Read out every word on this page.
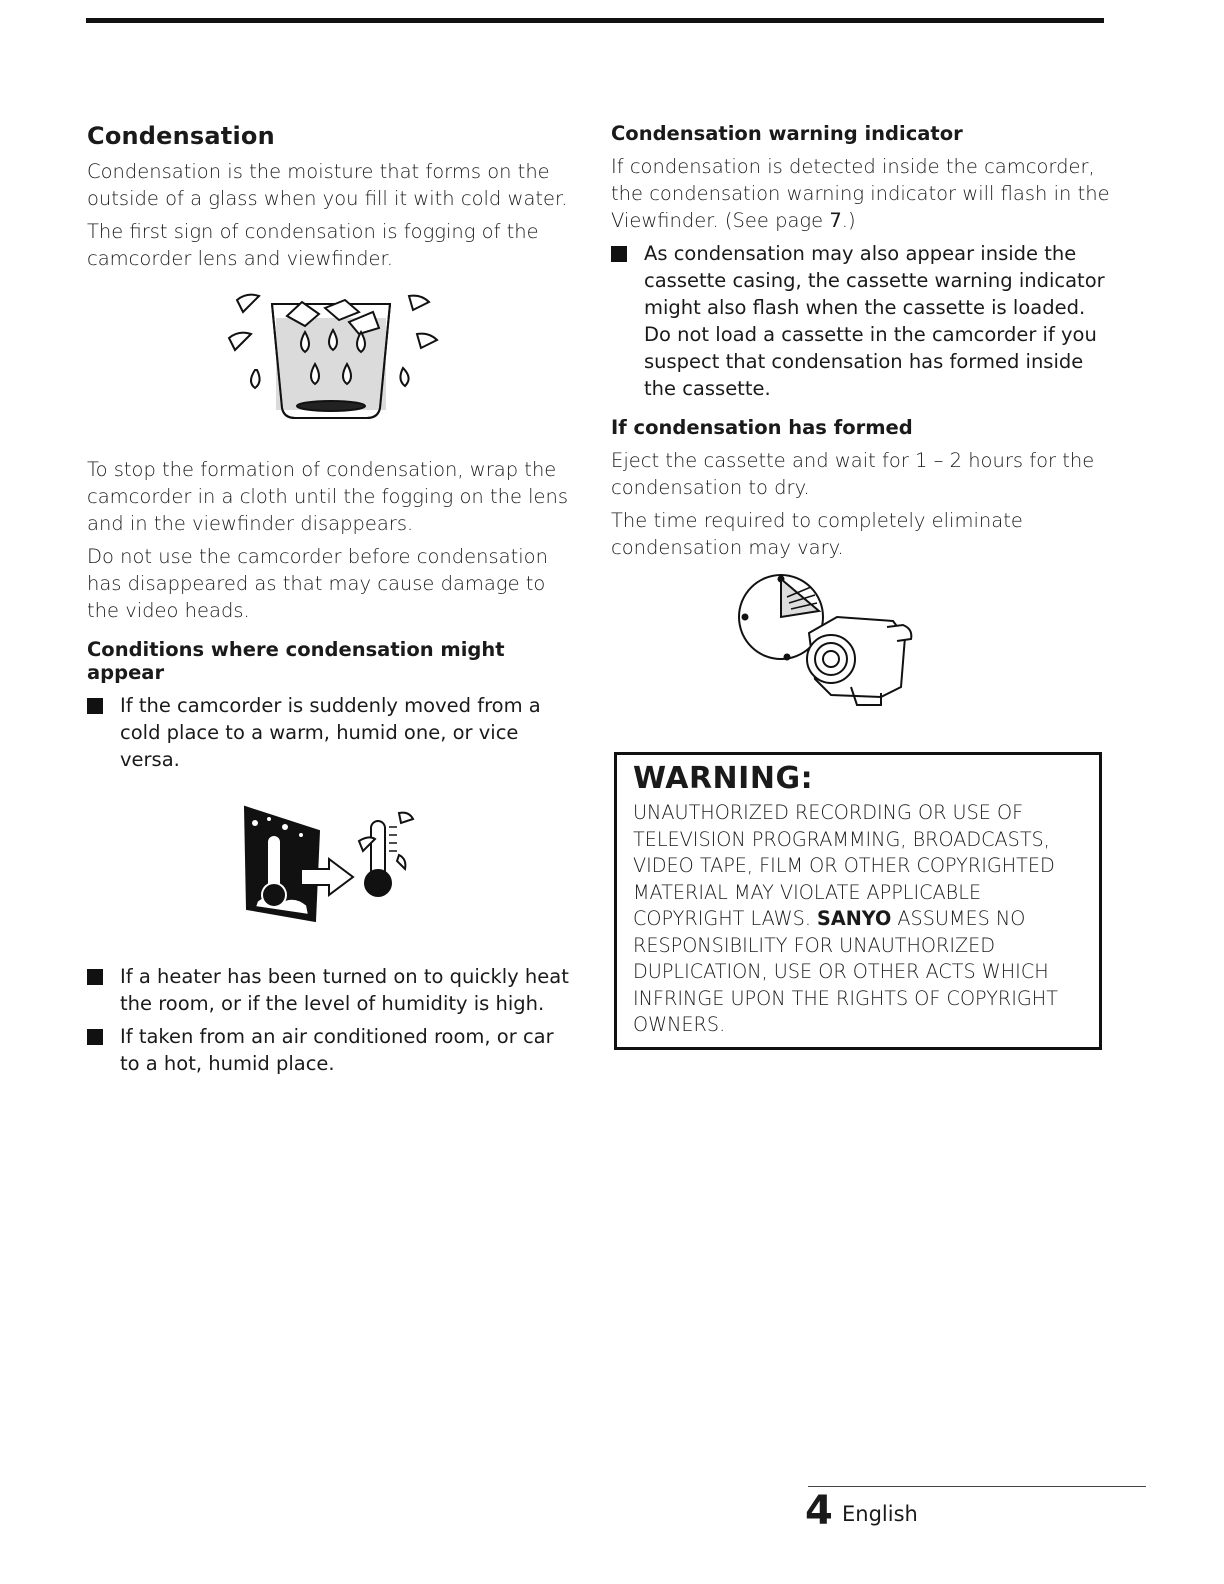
Condensation

Condensation is the moisture that forms on the outside of a glass when you fill it with cold water.

The first sign of condensation is fogging of the camcorder lens and viewfinder.

To stop the formation of condensation, wrap the camcorder in a cloth until the fogging on the lens and in the viewfinder disappears.

Do not use the camcorder before condensation has disappeared as that may cause damage to the video heads.

Conditions where condensation might appear
If the camcorder is suddenly moved from a cold place to a warm, humid one, or vice versa.
If a heater has been turned on to quickly heat the room, or if the level of humidity is high.
If taken from an air conditioned room, or car to a hot, humid place.
Condensation warning indicator

If condensation is detected inside the camcorder, the condensation warning indicator will flash in the Viewfinder. (See page 7.)

As condensation may also appear inside the cassette casing, the cassette warning indicator might also flash when the cassette is loaded. Do not load a cassette in the camcorder if you suspect that condensation has formed inside the cassette.
If condensation has formed

Eject the cassette and wait for 1 – 2 hours for the condensation to dry.

The time required to completely eliminate condensation may vary.

WARNING:

UNAUTHORIZED RECORDING OR USE OF TELEVISION PROGRAMMING, BROADCASTS, VIDEO TAPE, FILM OR OTHER COPYRIGHTED MATERIAL MAY VIOLATE APPLICABLE COPYRIGHT LAWS. SANYO ASSUMES NO RESPONSIBILITY FOR UNAUTHORIZED DUPLICATION, USE OR OTHER ACTS WHICH INFRINGE UPON THE RIGHTS OF COPYRIGHT OWNERS.

4 English
